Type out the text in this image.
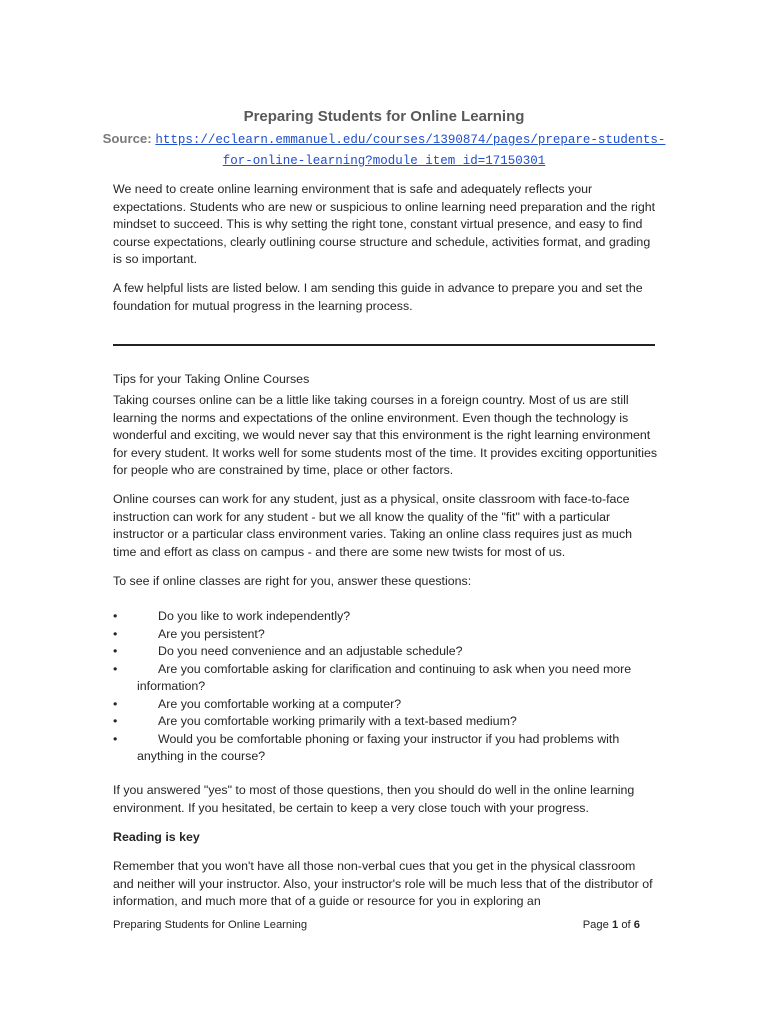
Preparing Students for Online Learning
Source: https://eclearn.emmanuel.edu/courses/1390874/pages/prepare-students-
for-online-learning?module_item_id=17150301

We need to create online learning environment that is safe and adequately reflects your expectations. Students who are new or suspicious to online learning need preparation and the right mindset to succeed. This is why setting the right tone, constant virtual presence, and easy to find course expectations, clearly outlining course structure and schedule, activities format, and grading is so important.

A few helpful lists are listed below. I am sending this guide in advance to prepare you and set the foundation for mutual progress in the learning process.

Tips for your Taking Online Courses

Taking courses online can be a little like taking courses in a foreign country. Most of us are still learning the norms and expectations of the online environment. Even though the technology is wonderful and exciting, we would never say that this environment is the right learning environment for every student. It works well for some students most of the time. It provides exciting opportunities for people who are constrained by time, place or other factors.

Online courses can work for any student, just as a physical, onsite classroom with face-to-face instruction can work for any student - but we all know the quality of the "fit" with a particular instructor or a particular class environment varies. Taking an online class requires just as much time and effort as class on campus - and there are some new twists for most of us.

To see if online classes are right for you, answer these questions:

•	Do you like to work independently?
•	Are you persistent?
•	Do you need convenience and an adjustable schedule?
•	Are you comfortable asking for clarification and continuing to ask when you need more information?
•	Are you comfortable working at a computer?
•	Are you comfortable working primarily with a text-based medium?
•	Would you be comfortable phoning or faxing your instructor if you had problems with anything in the course?

If you answered "yes" to most of those questions, then you should do well in the online learning environment. If you hesitated, be certain to keep a very close touch with your progress.

Reading is key

Remember that you won't have all those non-verbal cues that you get in the physical classroom and neither will your instructor. Also, your instructor's role will be much less that of the distributor of information, and much more that of a guide or resource for you in exploring an

Preparing Students for Online Learning	Page 1 of 6
